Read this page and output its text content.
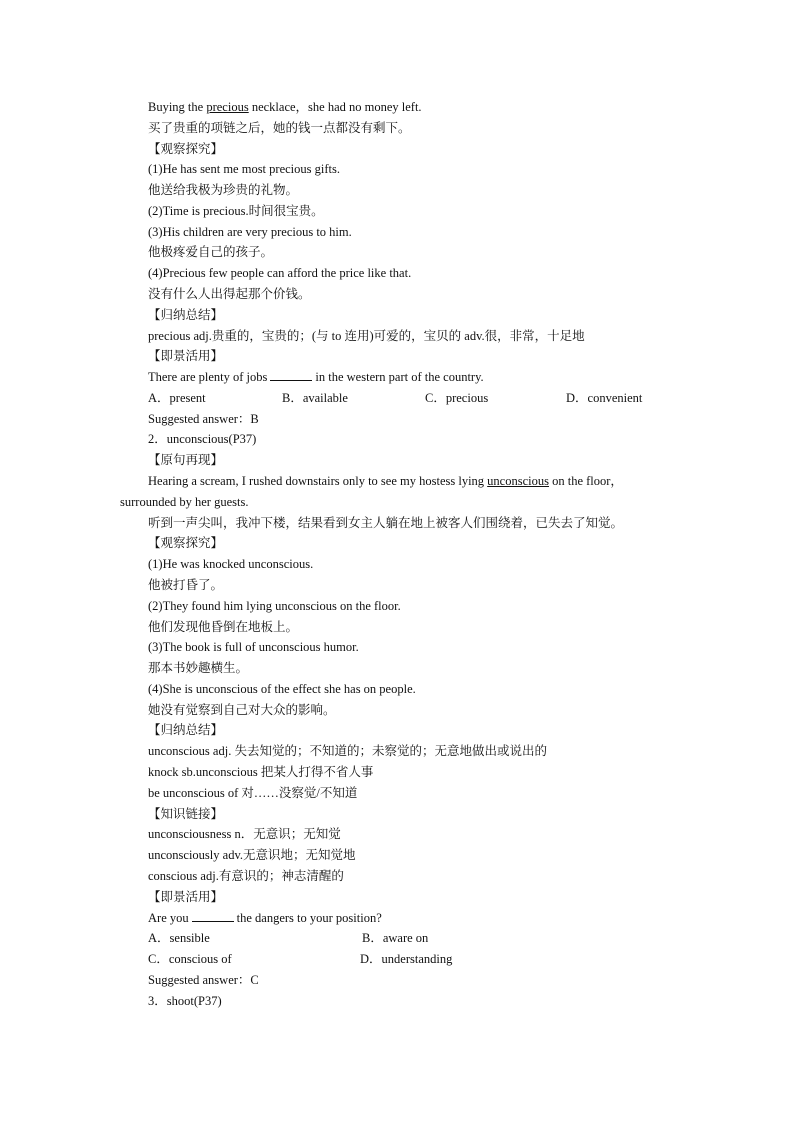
Buying the precious necklace，she had no money left.
买了贵重的项链之后，她的钱一点都没有剩下。
【观察探究】
(1)He has sent me most precious gifts.
他送给我极为珍贵的礼物。
(2)Time is precious.时间很宝贵。
(3)His children are very precious to him.
他极疼爱自己的孩子。
(4)Precious few people can afford the price like that.
没有什么人出得起那个价钱。
【归纳总结】
precious adj.贵重的，宝贵的；(与 to 连用)可爱的，宝贝的 adv.很，非常，十足地
【即景活用】
There are plenty of jobs	in the western part of the country.
A．present	B．available	C．precious	D．convenient
Suggested answer：B
2．unconscious(P37)
【原句再现】
Hearing a scream, I rushed downstairs only to see my hostess lying unconscious on the floor，
surrounded by her guests.
听到一声尖叫，我冲下楼，结果看到女主人躺在地上被客人们围绕着，已失去了知觉。
【观察探究】
(1)He was knocked unconscious.
他被打昏了。
(2)They found him lying unconscious on the floor.
他们发现他昏倒在地板上。
(3)The book is full of unconscious humor.
那本书妙趣横生。
(4)She is unconscious of the effect she has on people.
她没有觉察到自己对大众的影响。
【归纳总结】
unconscious adj. 失去知觉的；不知道的；未察觉的；无意地做出或说出的
knock sb.unconscious 把某人打得不省人事
be unconscious of 对……没察觉/不知道
【知识链接】
unconsciousness n．无意识；无知觉
unconsciously adv.无意识地；无知觉地
conscious adj.有意识的；神志清醒的
【即景活用】
Are you	the dangers to your position?
A．sensible	B．aware on
C．conscious of	D．understanding
Suggested answer：C
3．shoot(P37)
